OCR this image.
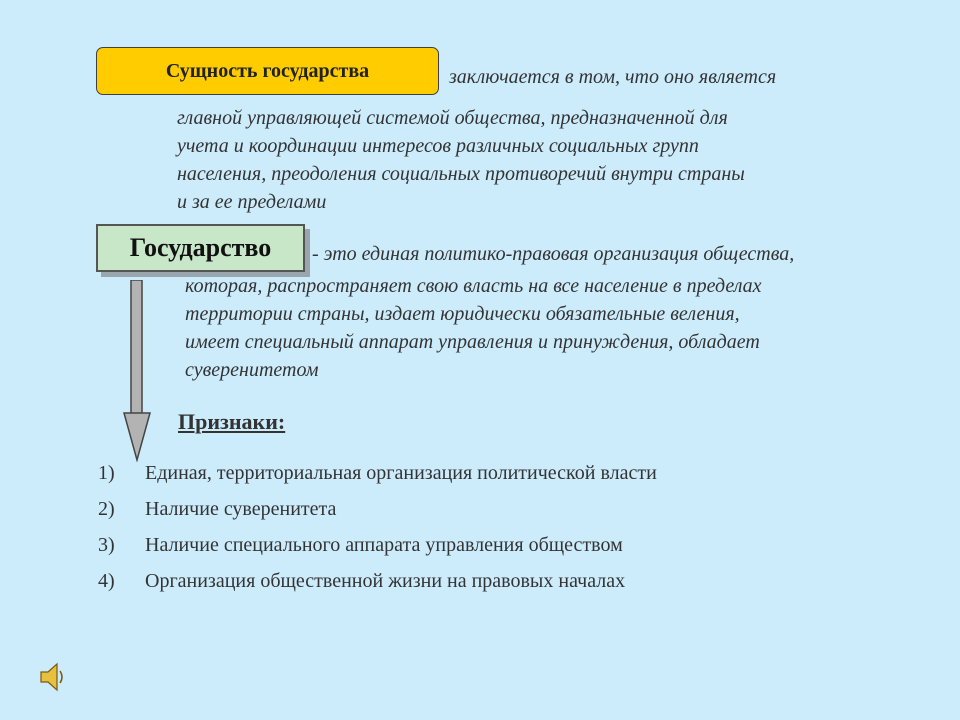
Сущность государства	заключается в том, что оно является
главной управляющей системой общества, предназначенной для
учета и координации интересов различных социальных групп
населения, преодоления социальных противоречий внутри страны
и за ее пределами
Государство - это единая политико-правовая организация общества,
которая, распространяет свою власть на все население в пределах
территории страны, издает юридически обязательные веления,
имеет специальный аппарат управления и принуждения, обладает
суверенитетом
Признаки:
1)	Единая, территориальная организация политической власти
2)	Наличие суверенитета
3)	Наличие специального аппарата управления обществом
4)	Организация общественной жизни на правовых началах
